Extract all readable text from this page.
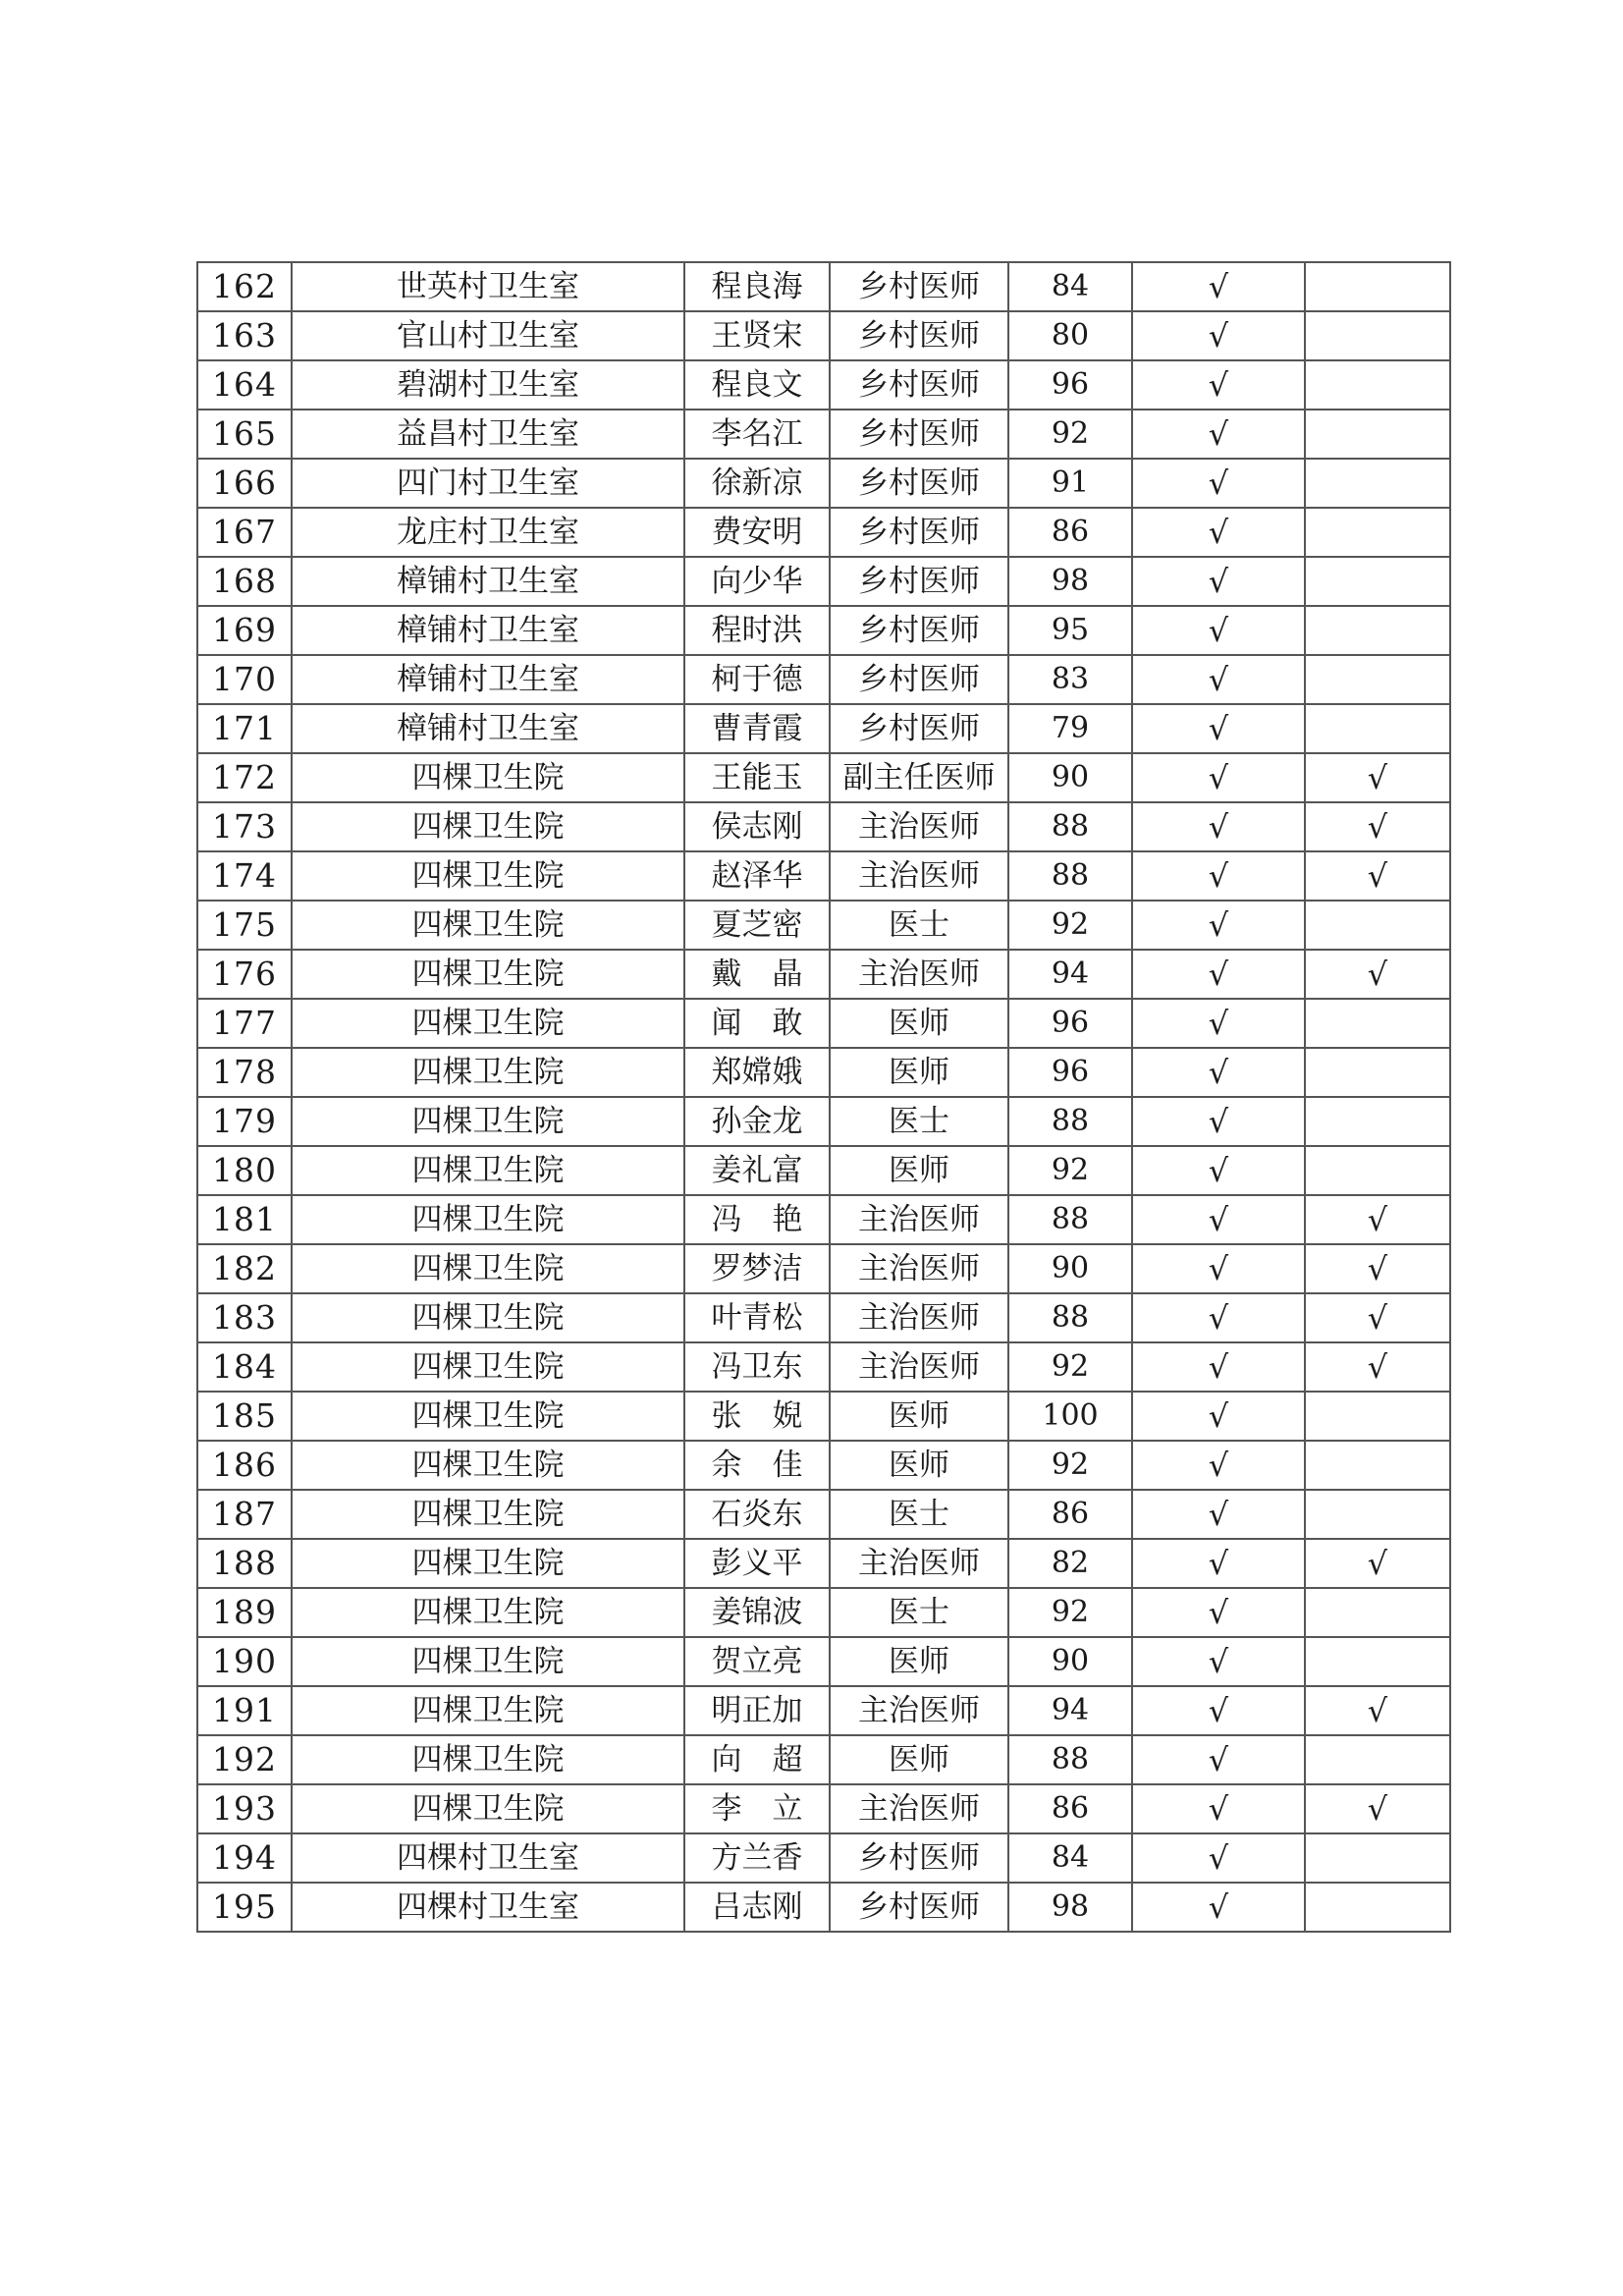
162	世英村卫生室	程良海	乡村医师	84	√	
163	官山村卫生室	王贤宋	乡村医师	80	√	
164	碧湖村卫生室	程良文	乡村医师	96	√	
165	益昌村卫生室	李名江	乡村医师	92	√	
166	四门村卫生室	徐新凉	乡村医师	91	√	
167	龙庄村卫生室	费安明	乡村医师	86	√	
168	樟铺村卫生室	向少华	乡村医师	98	√	
169	樟铺村卫生室	程时洪	乡村医师	95	√	
170	樟铺村卫生室	柯于德	乡村医师	83	√	
171	樟铺村卫生室	曹青霞	乡村医师	79	√	
172	四棵卫生院	王能玉	副主任医师	90	√	√
173	四棵卫生院	侯志刚	主治医师	88	√	√
174	四棵卫生院	赵泽华	主治医师	88	√	√
175	四棵卫生院	夏芝密	医士	92	√	
176	四棵卫生院	戴　晶	主治医师	94	√	√
177	四棵卫生院	闻　敢	医师	96	√	
178	四棵卫生院	郑嫦娥	医师	96	√	
179	四棵卫生院	孙金龙	医士	88	√	
180	四棵卫生院	姜礼富	医师	92	√	
181	四棵卫生院	冯　艳	主治医师	88	√	√
182	四棵卫生院	罗梦洁	主治医师	90	√	√
183	四棵卫生院	叶青松	主治医师	88	√	√
184	四棵卫生院	冯卫东	主治医师	92	√	√
185	四棵卫生院	张　婗	医师	100	√	
186	四棵卫生院	余　佳	医师	92	√	
187	四棵卫生院	石炎东	医士	86	√	
188	四棵卫生院	彭义平	主治医师	82	√	√
189	四棵卫生院	姜锦波	医士	92	√	
190	四棵卫生院	贺立亮	医师	90	√	
191	四棵卫生院	明正加	主治医师	94	√	√
192	四棵卫生院	向　超	医师	88	√	
193	四棵卫生院	李　立	主治医师	86	√	√
194	四棵村卫生室	方兰香	乡村医师	84	√	
195	四棵村卫生室	吕志刚	乡村医师	98	√	
